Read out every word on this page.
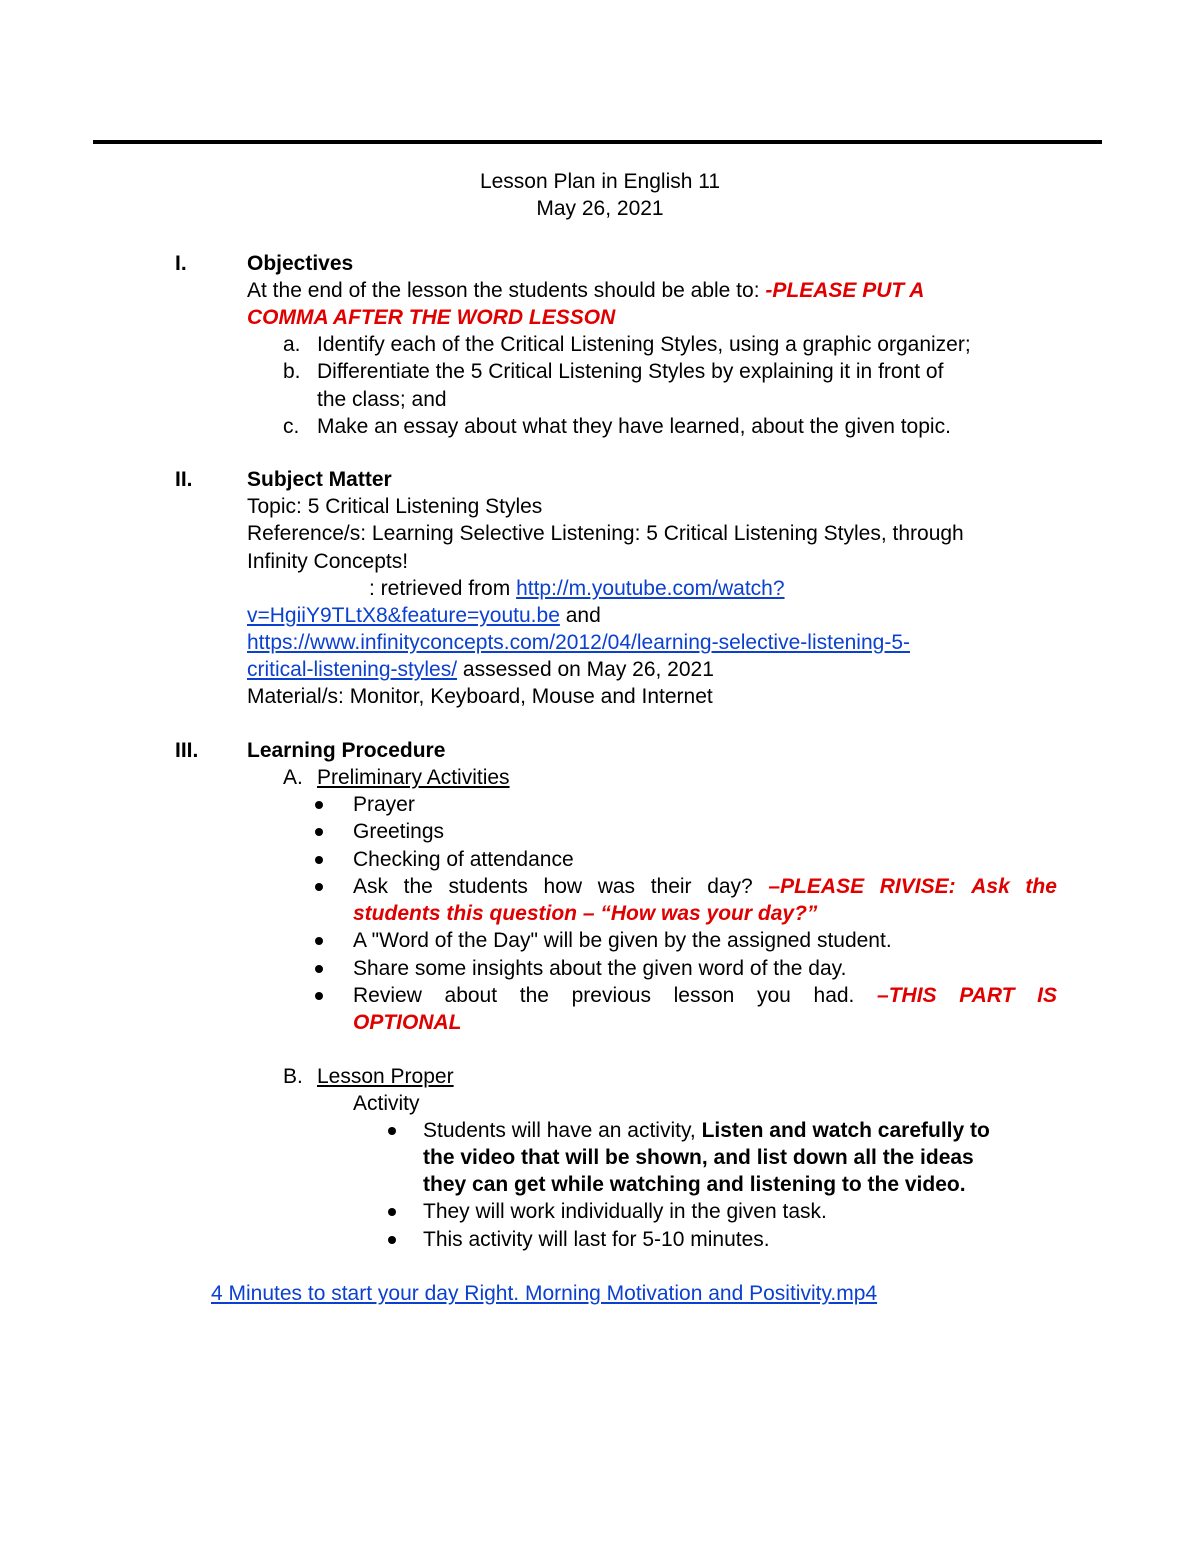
Lesson Plan in English 11
May 26, 2021
I.	Objectives
At the end of the lesson the students should be able to: -PLEASE PUT A
COMMA AFTER THE WORD LESSON
a. Identify each of the Critical Listening Styles, using a graphic organizer;
b. Differentiate the 5 Critical Listening Styles by explaining it in front of
the class; and
c. Make an essay about what they have learned, about the given topic.
II.	Subject Matter
Topic: 5 Critical Listening Styles
Reference/s: Learning Selective Listening: 5 Critical Listening Styles, through
Infinity Concepts!
: retrieved from http://m.youtube.com/watch?
v=HgiiY9TLtX8&feature=youtu.be and
https://www.infinityconcepts.com/2012/04/learning-selective-listening-5-
critical-listening-styles/ assessed on May 26, 2021
Material/s: Monitor, Keyboard, Mouse and Internet
III. Learning Procedure
A. Preliminary Activities
Prayer
Greetings
Checking of attendance
Ask the students how was their day? –PLEASE RIVISE: Ask the
students this question – “How was your day?”
A "Word of the Day" will be given by the assigned student.
Share some insights about the given word of the day.
Review about the previous lesson you had. –THIS PART IS
OPTIONAL
B. Lesson Proper
Activity
Students will have an activity, Listen and watch carefully to
the video that will be shown, and list down all the ideas
they can get while watching and listening to the video.
They will work individually in the given task.
This activity will last for 5-10 minutes.
4 Minutes to start your day Right. Morning Motivation and Positivity.mp4
